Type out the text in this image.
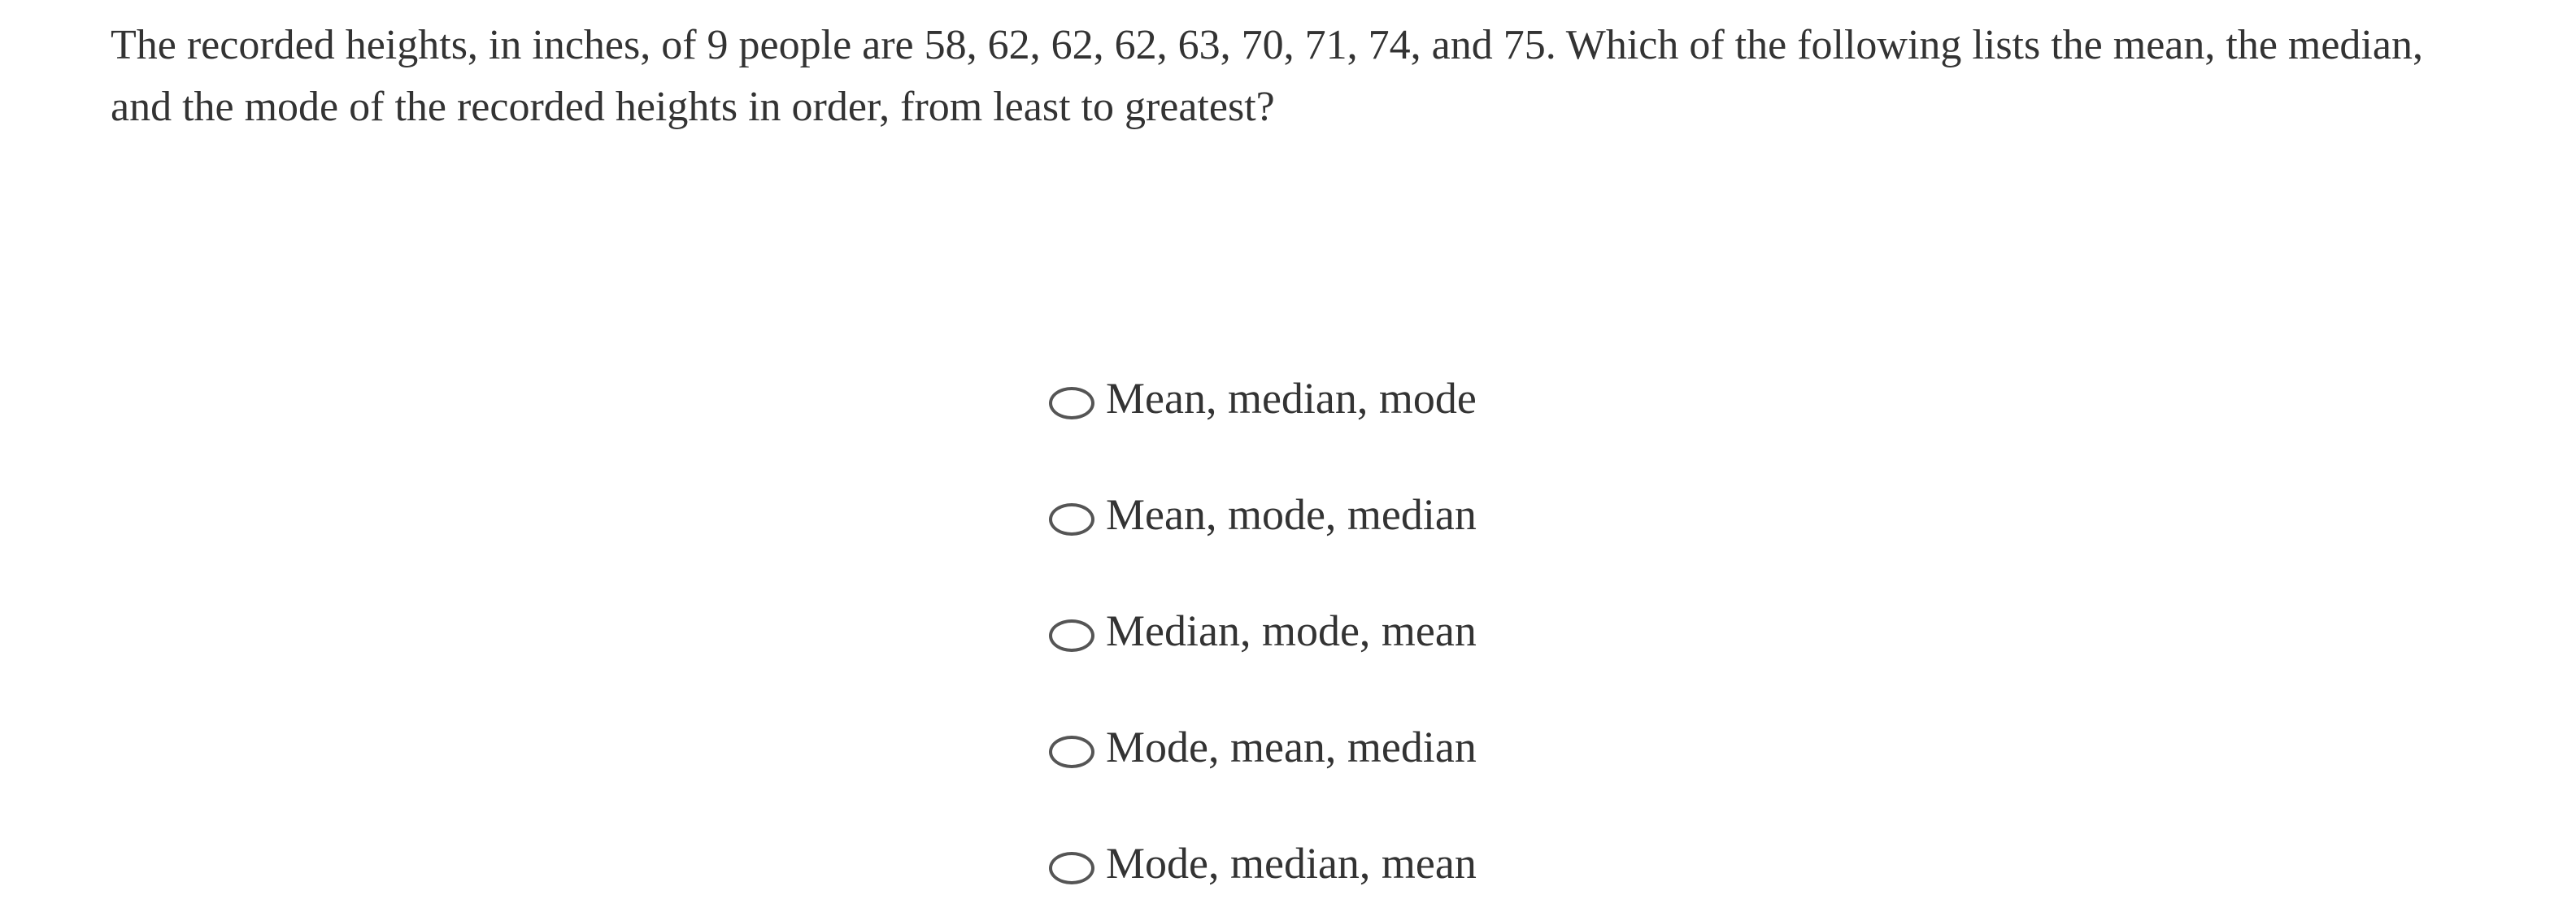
The recorded heights, in inches, of 9 people are 58, 62, 62, 62, 63, 70, 71, 74, and 75. Which of the following lists the mean, the median, and the mode of the recorded heights in order, from least to greatest?

Mean, median, mode
Mean, mode, median
Median, mode, mean
Mode, mean, median
Mode, median, mean
